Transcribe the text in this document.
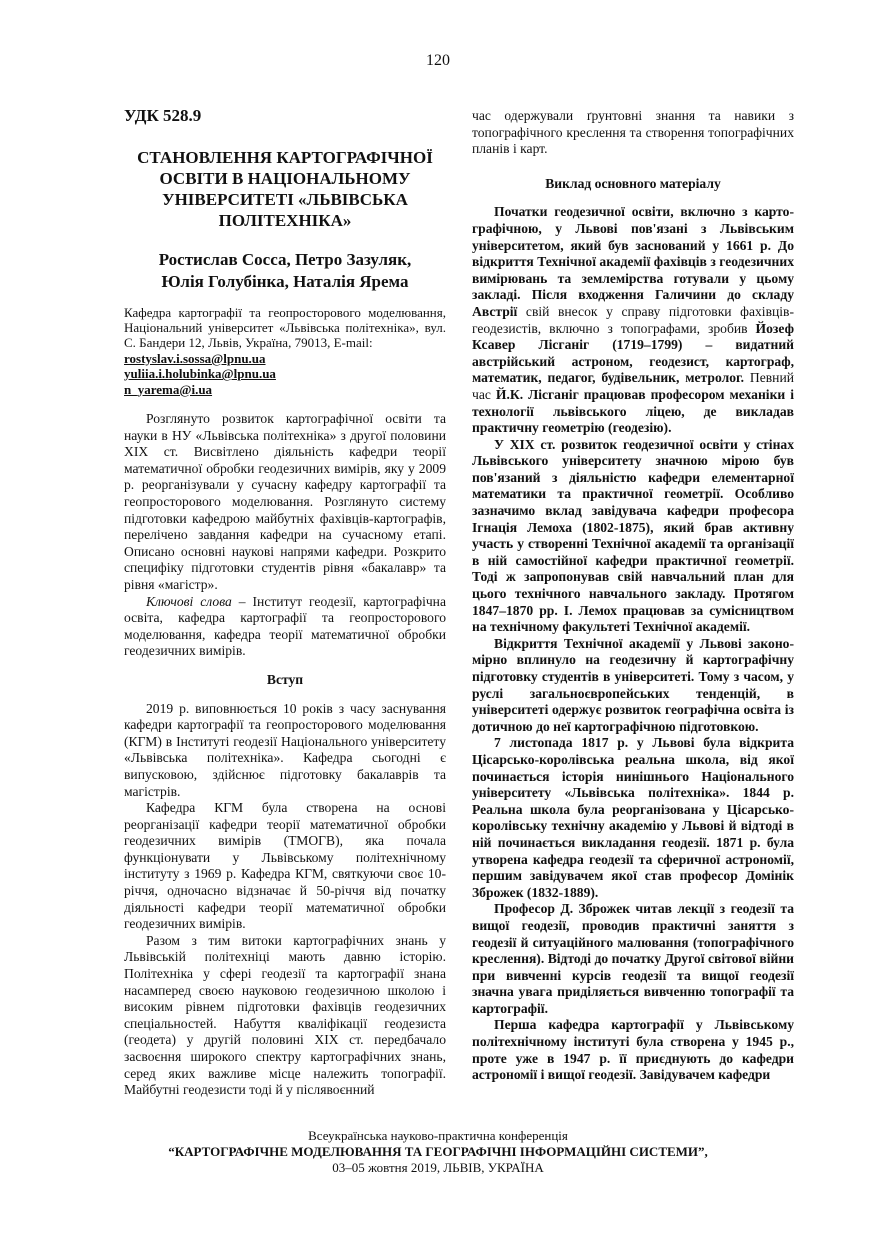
120

УДК 528.9

СТАНОВЛЕННЯ КАРТОГРАФІЧНОЇ ОСВІТИ В НАЦІОНАЛЬНОМУ УНІВЕРСИТЕТІ «ЛЬВІВСЬКА ПОЛІТЕХНІКА»

Ростислав Сосса, Петро Зазуляк,
Юлія Голубінка, Наталія Ярема

Кафедра картографії та геопросторового моделювання, Національний університет «Львівська політехніка», вул. С. Бандери 12, Львів, Україна, 79013, E-mail:

rostyslav.i.sossa@lpnu.ua yuliia.i.holubinka@lpnu.ua
n_yarema@i.ua

Розглянуто розвиток картографічної освіти та науки в НУ «Львівська політехніка» з другої половини ХІХ ст. Висвітлено діяльність кафедри теорії математичної обробки геодезичних вимірів, яку у 2009 р. реорганізували у сучасну кафедру картографії та геопросторового моделювання. Розглянуто систему підготовки кафедрою майбутніх фахівців-картографів, перелічено завдання кафедри на сучасному етапі. Описано основні наукові напрями кафедри. Розкрито специфіку підготовки студентів рівня «бакалавр» та рівня «магістр».

Ключові слова – Інститут геодезії, картографічна освіта, кафедра картографії та геопросторового моделювання, кафедра теорії математичної обробки геодезичних вимірів.

Вступ

2019 р. виповнюється 10 років з часу заснування кафедри картографії та геопросторового моделювання (КГМ) в Інституті геодезії Національного університету «Львівська політехніка». Кафедра сьогодні є випусковою, здійснює підготовку бакалаврів та магістрів.

Кафедра КГМ була створена на основі реорганізації кафедри теорії математичної обробки геодезичних вимірів (ТМОГВ), яка почала функціонувати у Львівському політехнічному інституту з 1969 р. Кафедра КГМ, святкуючи своє 10-річчя, одночасно відзначає й 50-річчя від початку діяльності кафедри теорії математичної обробки геодезичних вимірів.

Разом з тим витоки картографічних знань у Львівській політехніці мають давню історію. Політехніка у сфері геодезії та картографії знана насамперед своєю науковою геодезичною школою і високим рівнем підготовки фахівців геодезичних спеціальностей. Набуття кваліфікації геодезиста (геодета) у другій половині ХІХ ст. передбачало засвоєння широкого спектру картографічних знань, серед яких важливе місце належить топографії. Майбутні геодезисти тоді й у післявоєнний

час одержували ґрунтовні знання та навики з топографічного креслення та створення топографічних планів і карт.

Виклад основного матеріалу

Початки геодезичної освіти, включно з картографічною, у Львові пов'язані з Львівським університетом, який був заснований у 1661 р. До відкриття Технічної академії фахівців з геодезичних вимірювань та землемірства готували у цьому закладі. Після входження Галичини до складу Австрії свій внесок у справу підготовки фахівців-геодезистів, включно з топографами, зробив Йозеф Ксавер Лісганіг (1719–1799) – видатний австрійський астроном, геодезист, картограф, математик, педагог, будівельник, метролог. Певний час Й.К. Лісганіг працював професором механіки і технології львівського ліцею, де викладав практичну геометрію (геодезію).

У ХІХ ст. розвиток геодезичної освіти у стінах Львівського університету значною мірою був пов'язаний з діяльністю кафедри елементарної математики та практичної геометрії. Особливо зазначимо вклад завідувача кафедри професора Ігнація Лемоха (1802-1875), який брав активну участь у створенні Технічної академії та організації в ній самостійної кафедри практичної геометрії. Тоді ж запропонував свій навчальний план для цього технічного навчального закладу. Протягом 1847–1870 рр. І. Лемох працював за сумісництвом на технічному факультеті Технічної академії.

Відкриття Технічної академії у Львові закономірно вплинуло на геодезичну й картографічну підготовку студентів в університеті. Тому з часом, у руслі загальноєвропейських тенденцій, в університеті одержує розвиток географічна освіта із дотичною до неї картографічною підготовкою.

7 листопада 1817 р. у Львові була відкрита Цісарсько-королівська реальна школа, від якої починається історія нинішнього Національного університету «Львівська політехніка». 1844 р. Реальна школа була реорганізована у Цісарсько-королівську технічну академію у Львові й відтоді в ній починається викладання геодезії. 1871 р. була утворена кафедра геодезії та сферичної астрономії, першим завідувачем якої став професор Домінік Зброжек (1832-1889).

Професор Д. Зброжек читав лекції з геодезії та вищої геодезії, проводив практичні заняття з геодезії й ситуаційного малювання (топографічного креслення). Відтоді до початку Другої світової війни при вивченні курсів геодезії та вищої геодезії значна увага приділяється вивченню топографії та картографії.

Перша кафедра картографії у Львівському політехнічному інституті була створена у 1945 р., проте уже в 1947 р. її приєднують до кафедри астрономії і вищої геодезії. Завідувачем кафедри

Всеукраїнська науково-практична конференція
“КАРТОГРАФІЧНЕ МОДЕЛЮВАННЯ ТА ГЕОГРАФІЧНІ ІНФОРМАЦІЙНІ СИСТЕМИ”,
03–05 жовтня 2019, ЛЬВІВ, УКРАЇНА
